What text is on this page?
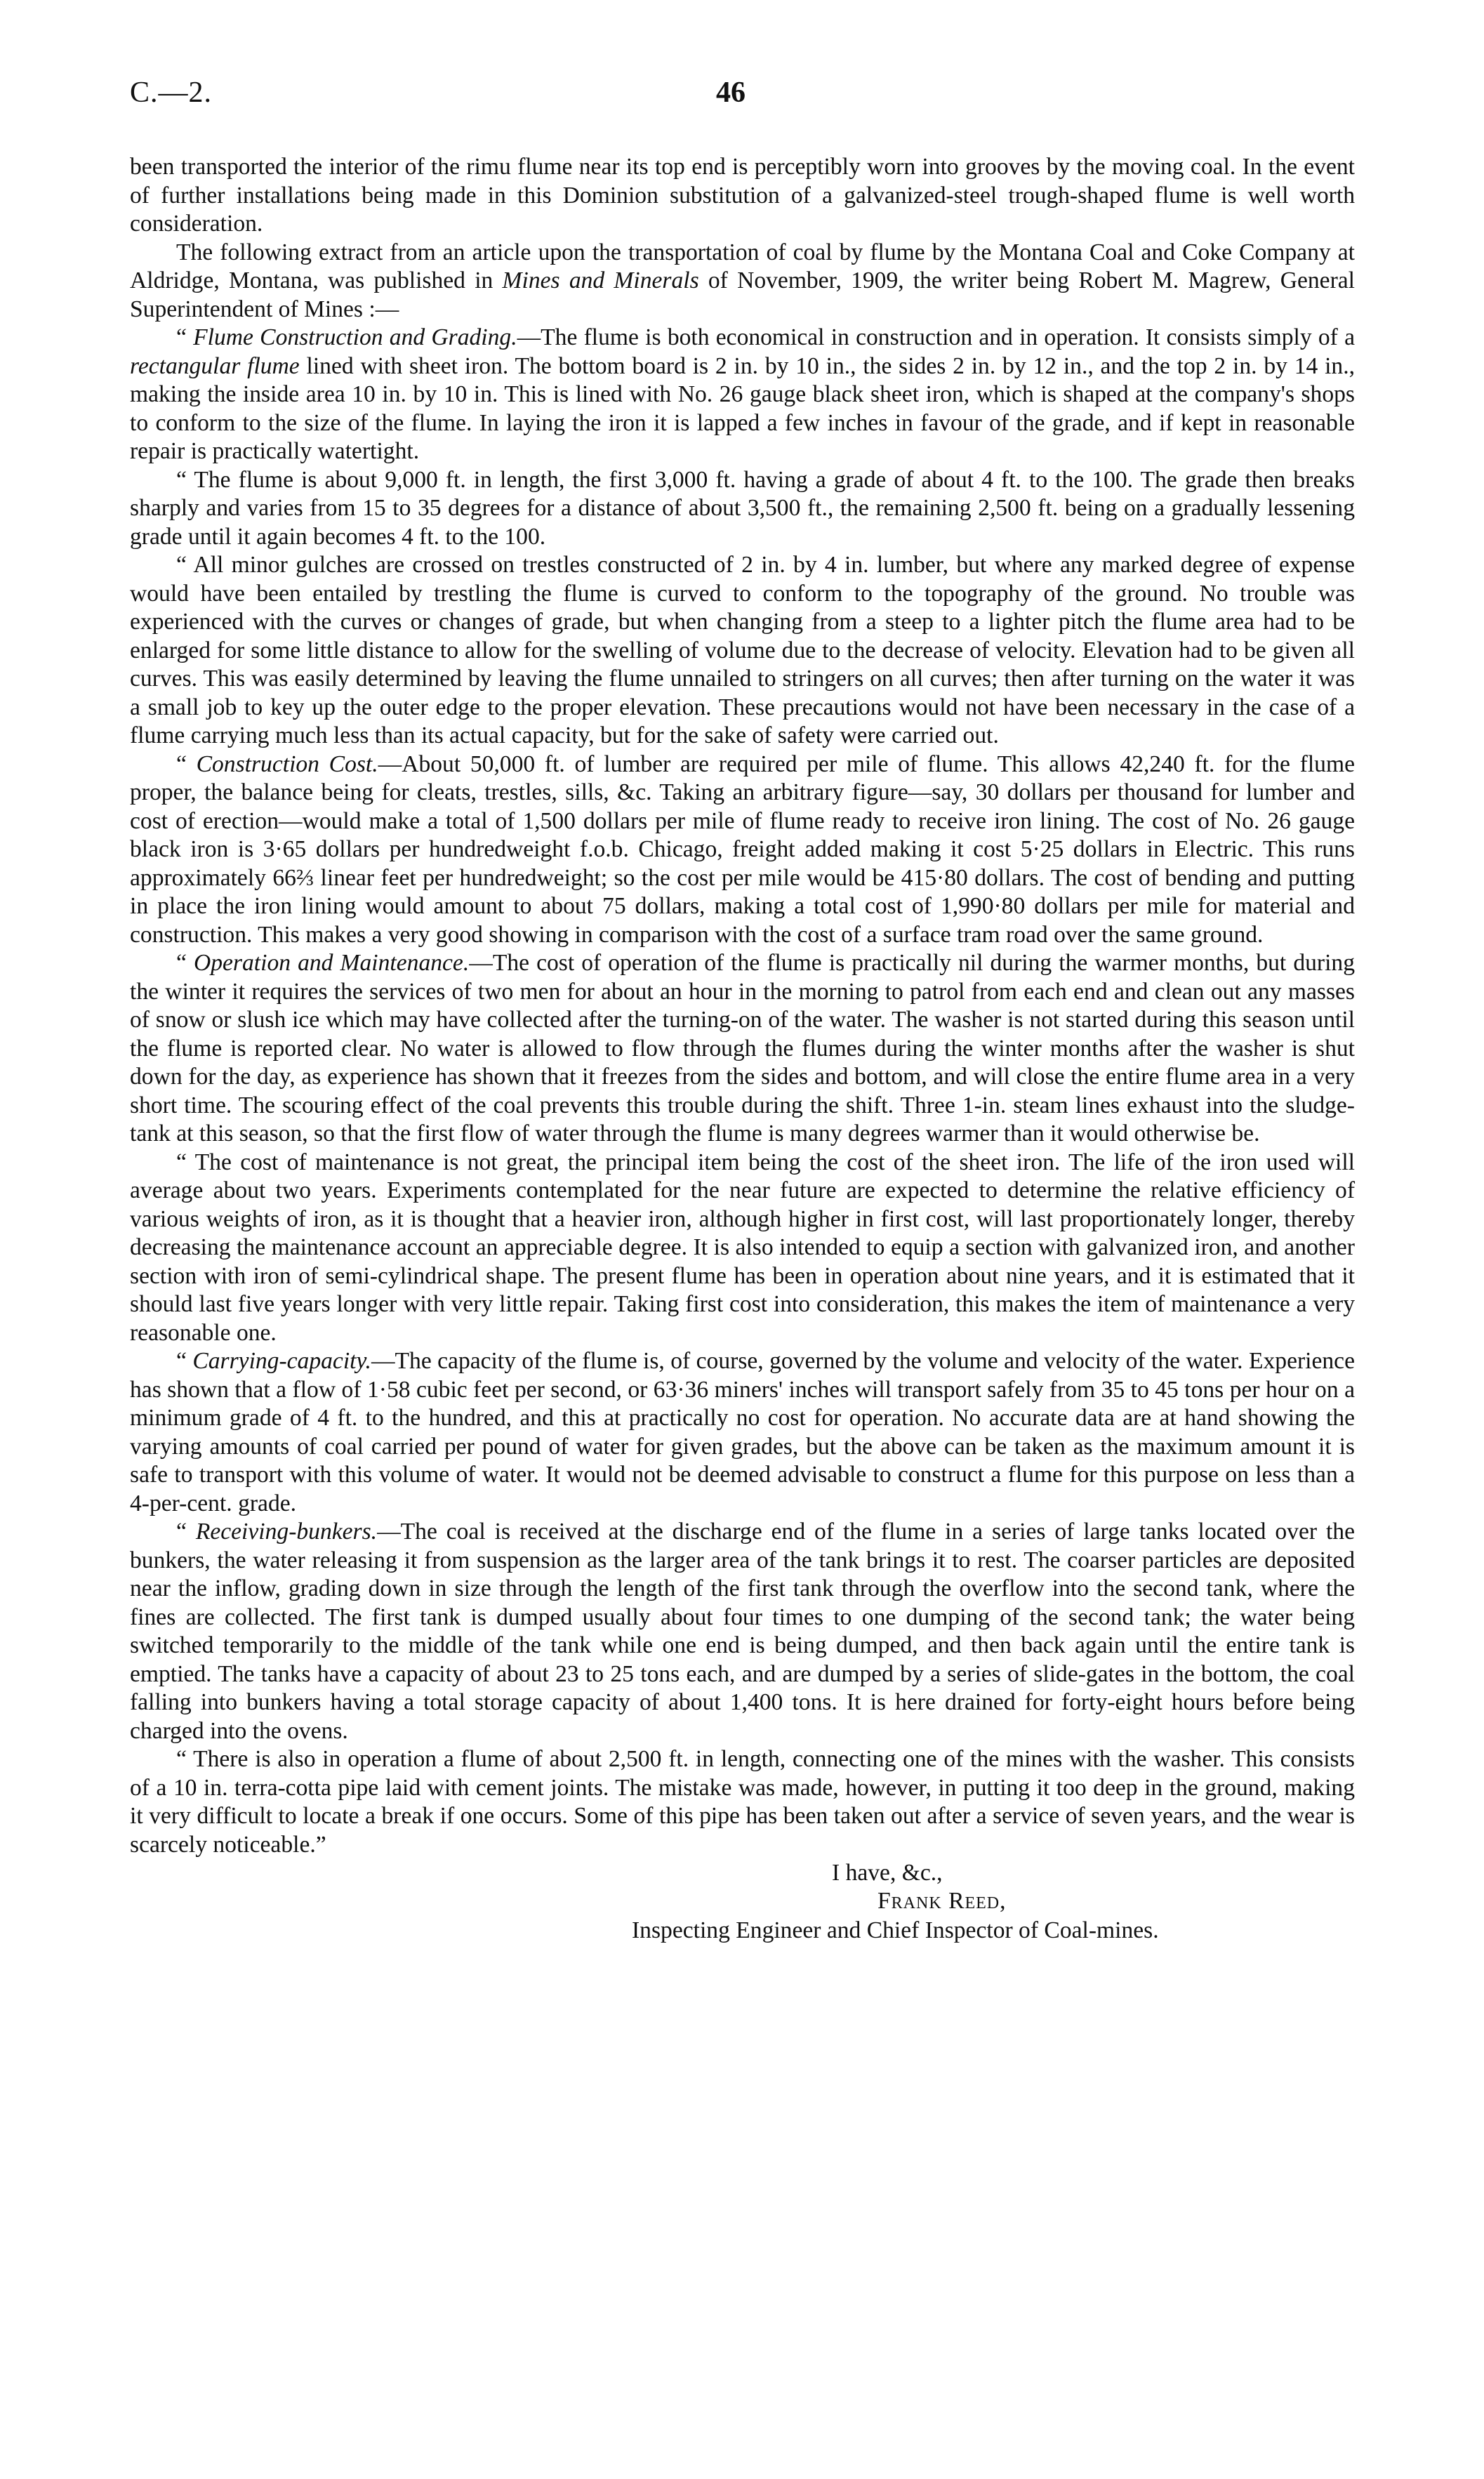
C.—2.	46

been transported the interior of the rimu flume near its top end is perceptibly worn into grooves by the moving coal. In the event of further installations being made in this Dominion substitution of a galvanized-steel trough-shaped flume is well worth consideration.

The following extract from an article upon the transportation of coal by flume by the Montana Coal and Coke Company at Aldridge, Montana, was published in Mines and Minerals of November, 1909, the writer being Robert M. Magrew, General Superintendent of Mines :—

“ Flume Construction and Grading.—The flume is both economical in construction and in operation. It consists simply of a rectangular flume lined with sheet iron. The bottom board is 2 in. by 10 in., the sides 2 in. by 12 in., and the top 2 in. by 14 in., making the inside area 10 in. by 10 in. This is lined with No. 26 gauge black sheet iron, which is shaped at the company's shops to conform to the size of the flume. In laying the iron it is lapped a few inches in favour of the grade, and if kept in reasonable repair is practically watertight.

“ The flume is about 9,000 ft. in length, the first 3,000 ft. having a grade of about 4 ft. to the 100. The grade then breaks sharply and varies from 15 to 35 degrees for a distance of about 3,500 ft., the remaining 2,500 ft. being on a gradually lessening grade until it again becomes 4 ft. to the 100.

“ All minor gulches are crossed on trestles constructed of 2 in. by 4 in. lumber, but where any marked degree of expense would have been entailed by trestling the flume is curved to conform to the topography of the ground. No trouble was experienced with the curves or changes of grade, but when changing from a steep to a lighter pitch the flume area had to be enlarged for some little distance to allow for the swelling of volume due to the decrease of velocity. Elevation had to be given all curves. This was easily determined by leaving the flume unnailed to stringers on all curves; then after turning on the water it was a small job to key up the outer edge to the proper elevation. These precautions would not have been necessary in the case of a flume carrying much less than its actual capacity, but for the sake of safety were carried out.

“ Construction Cost.—About 50,000 ft. of lumber are required per mile of flume. This allows 42,240 ft. for the flume proper, the balance being for cleats, trestles, sills, &c. Taking an arbitrary figure—say, 30 dollars per thousand for lumber and cost of erection—would make a total of 1,500 dollars per mile of flume ready to receive iron lining. The cost of No. 26 gauge black iron is 3·65 dollars per hundredweight f.o.b. Chicago, freight added making it cost 5·25 dollars in Electric. This runs approximately 66⅔ linear feet per hundredweight; so the cost per mile would be 415·80 dollars. The cost of bending and putting in place the iron lining would amount to about 75 dollars, making a total cost of 1,990·80 dollars per mile for material and construction. This makes a very good showing in comparison with the cost of a surface tram road over the same ground.

“ Operation and Maintenance.—The cost of operation of the flume is practically nil during the warmer months, but during the winter it requires the services of two men for about an hour in the morning to patrol from each end and clean out any masses of snow or slush ice which may have collected after the turning-on of the water. The washer is not started during this season until the flume is reported clear. No water is allowed to flow through the flumes during the winter months after the washer is shut down for the day, as experience has shown that it freezes from the sides and bottom, and will close the entire flume area in a very short time. The scouring effect of the coal prevents this trouble during the shift. Three 1-in. steam lines exhaust into the sludge-tank at this season, so that the first flow of water through the flume is many degrees warmer than it would otherwise be.

“ The cost of maintenance is not great, the principal item being the cost of the sheet iron. The life of the iron used will average about two years. Experiments contemplated for the near future are expected to determine the relative efficiency of various weights of iron, as it is thought that a heavier iron, although higher in first cost, will last proportionately longer, thereby decreasing the maintenance account an appreciable degree. It is also intended to equip a section with galvanized iron, and another section with iron of semi-cylindrical shape. The present flume has been in operation about nine years, and it is estimated that it should last five years longer with very little repair. Taking first cost into consideration, this makes the item of maintenance a very reasonable one.

“ Carrying-capacity.—The capacity of the flume is, of course, governed by the volume and velocity of the water. Experience has shown that a flow of 1·58 cubic feet per second, or 63·36 miners' inches will transport safely from 35 to 45 tons per hour on a minimum grade of 4 ft. to the hundred, and this at practically no cost for operation. No accurate data are at hand showing the varying amounts of coal carried per pound of water for given grades, but the above can be taken as the maximum amount it is safe to transport with this volume of water. It would not be deemed advisable to construct a flume for this purpose on less than a 4-per-cent. grade.

“ Receiving-bunkers.—The coal is received at the discharge end of the flume in a series of large tanks located over the bunkers, the water releasing it from suspension as the larger area of the tank brings it to rest. The coarser particles are deposited near the inflow, grading down in size through the length of the first tank through the overflow into the second tank, where the fines are collected. The first tank is dumped usually about four times to one dumping of the second tank; the water being switched temporarily to the middle of the tank while one end is being dumped, and then back again until the entire tank is emptied. The tanks have a capacity of about 23 to 25 tons each, and are dumped by a series of slide-gates in the bottom, the coal falling into bunkers having a total storage capacity of about 1,400 tons. It is here drained for forty-eight hours before being charged into the ovens.

“ There is also in operation a flume of about 2,500 ft. in length, connecting one of the mines with the washer. This consists of a 10 in. terra-cotta pipe laid with cement joints. The mistake was made, however, in putting it too deep in the ground, making it very difficult to locate a break if one occurs. Some of this pipe has been taken out after a service of seven years, and the wear is scarcely noticeable.”

I have, &c.,
Frank Reed,
Inspecting Engineer and Chief Inspector of Coal-mines.
